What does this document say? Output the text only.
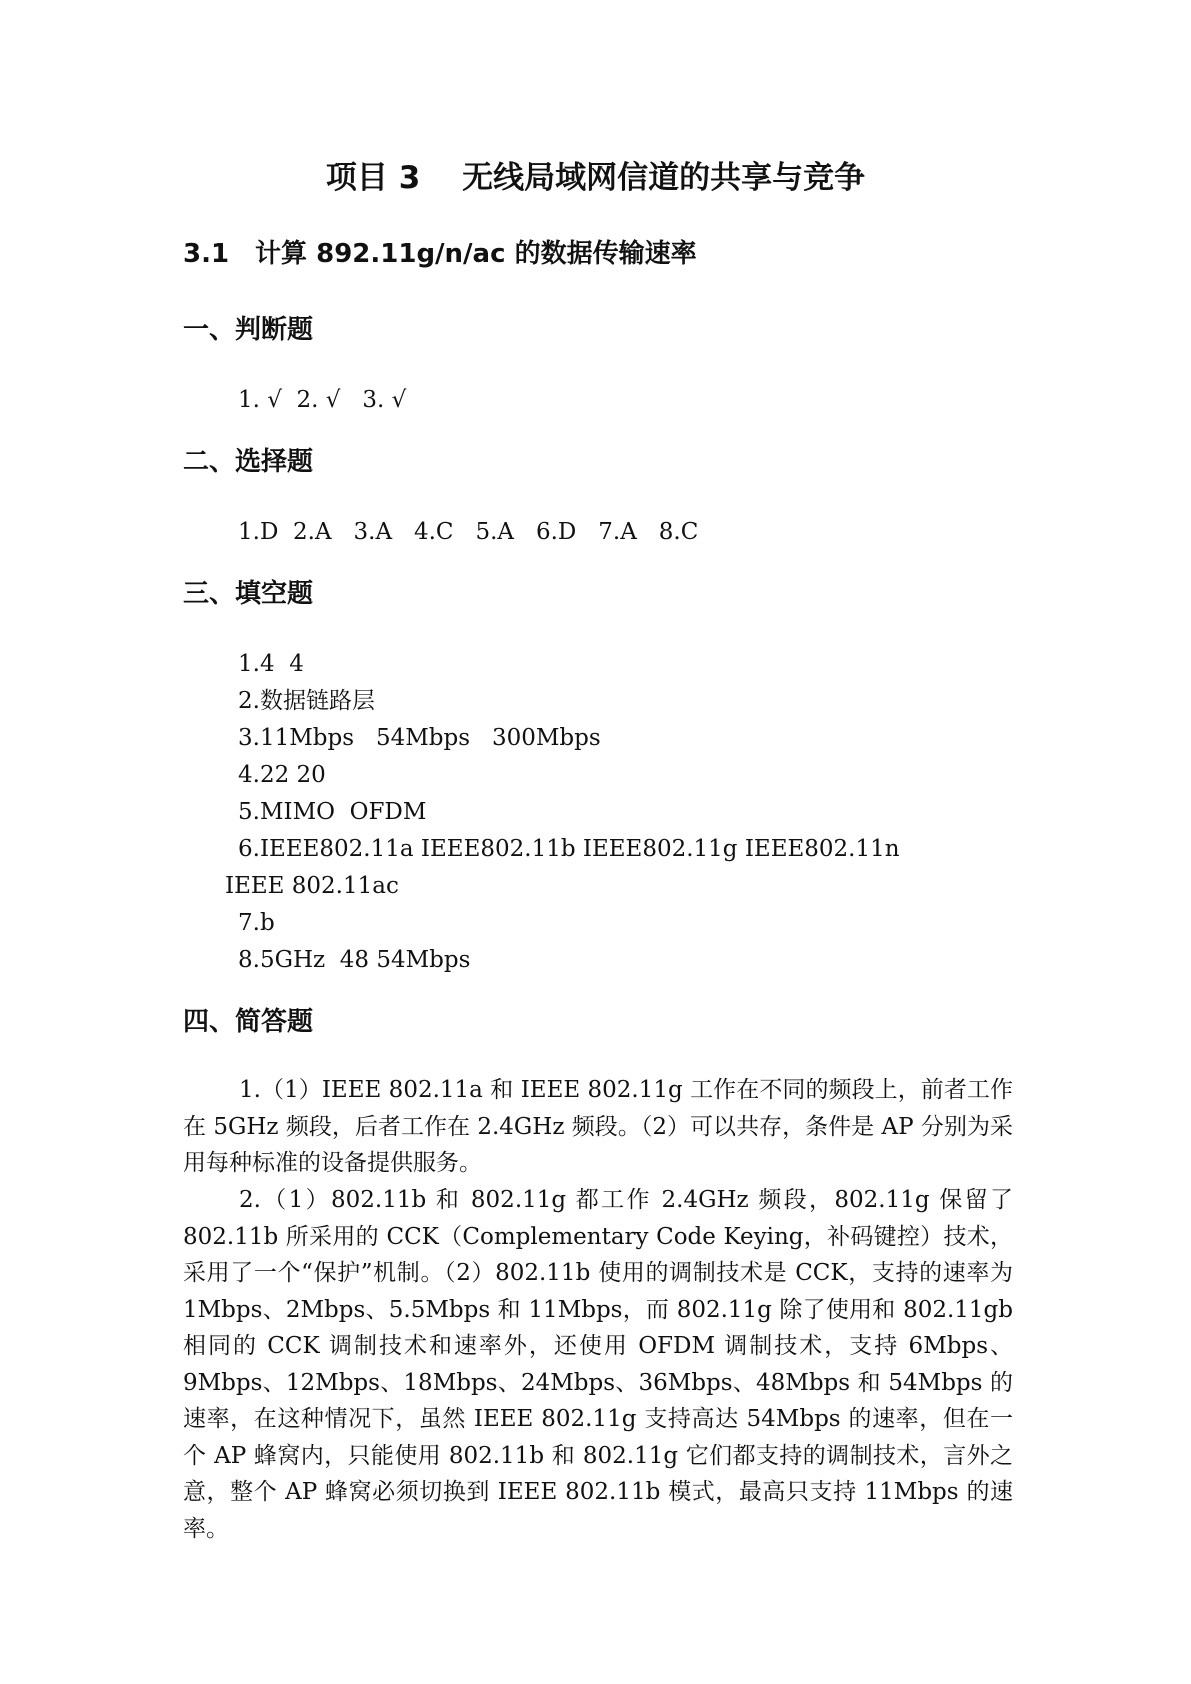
项目 3　 无线局域网信道的共享与竞争
3.1　计算 892.11g/n/ac 的数据传输速率
一、判断题
1. √  2. √   3. √
二、选择题
1.D  2.A   3.A   4.C   5.A   6.D   7.A   8.C
三、填空题
1.4  4
2.数据链路层
3.11Mbps   54Mbps   300Mbps
4.22 20
5.MIMO  OFDM
6.IEEE802.11a IEEE802.11b IEEE802.11g IEEE802.11n
IEEE 802.11ac
7.b
8.5GHz  48 54Mbps
四、简答题

1.（1）IEEE 802.11a 和 IEEE 802.11g 工作在不同的频段上，前者工作在 5GHz 频段，后者工作在 2.4GHz 频段。（2）可以共存，条件是 AP 分别为采用每种标准的设备提供服务。

2.（1）802.11b 和 802.11g 都工作 2.4GHz 频段，802.11g 保留了 802.11b 所采用的 CCK（Complementary Code Keying，补码键控）技术，采用了一个“保护”机制。（2）802.11b 使用的调制技术是 CCK，支持的速率为 1Mbps、2Mbps、5.5Mbps 和 11Mbps，而 802.11g 除了使用和 802.11gb 相同的 CCK 调制技术和速率外，还使用 OFDM 调制技术，支持 6Mbps、9Mbps、12Mbps、18Mbps、24Mbps、36Mbps、48Mbps 和 54Mbps 的速率，在这种情况下，虽然 IEEE 802.11g 支持高达 54Mbps 的速率，但在一个 AP 蜂窝内，只能使用 802.11b 和 802.11g 它们都支持的调制技术，言外之意，整个 AP 蜂窝必须切换到 IEEE 802.11b 模式，最高只支持 11Mbps 的速率。
